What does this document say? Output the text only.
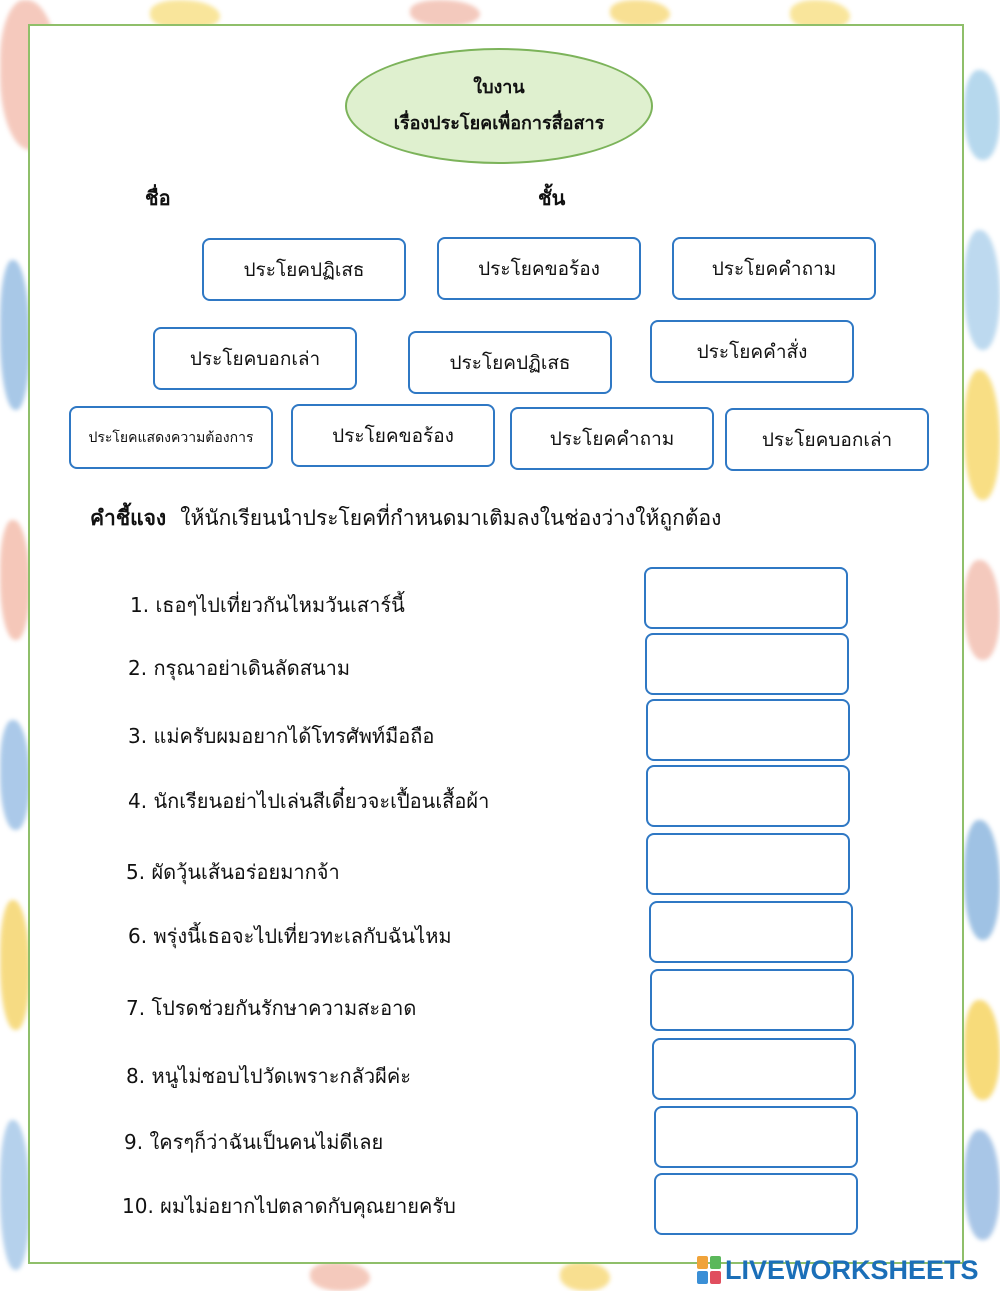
ใบงาน
เรื่องประโยคเพื่อการสื่อสาร
ชื่อ	ชั้น
ประโยคปฏิเสธ	ประโยคขอร้อง	ประโยคคำถาม
ประโยคบอกเล่า	ประโยคปฏิเสธ	ประโยคคำสั่ง
ประโยคแสดงความต้องการ	ประโยคขอร้อง	ประโยคคำถาม	ประโยคบอกเล่า
คำชี้แจง ให้นักเรียนนำประโยคที่กำหนดมาเติมลงในช่องว่างให้ถูกต้อง
1. เธอๆไปเที่ยวกันไหมวันเสาร์นี้
2. กรุณาอย่าเดินลัดสนาม
3. แม่ครับผมอยากได้โทรศัพท์มือถือ
4. นักเรียนอย่าไปเล่นสีเดี๋ยวจะเปื้อนเสื้อผ้า
5. ผัดวุ้นเส้นอร่อยมากจ้า
6. พรุ่งนี้เธอจะไปเที่ยวทะเลกับฉันไหม
7. โปรดช่วยกันรักษาความสะอาด
8. หนูไม่ชอบไปวัดเพราะกลัวผีค่ะ
9. ใครๆก็ว่าฉันเป็นคนไม่ดีเลย
10. ผมไม่อยากไปตลาดกับคุณยายครับ
LIVEWORKSHEETS
